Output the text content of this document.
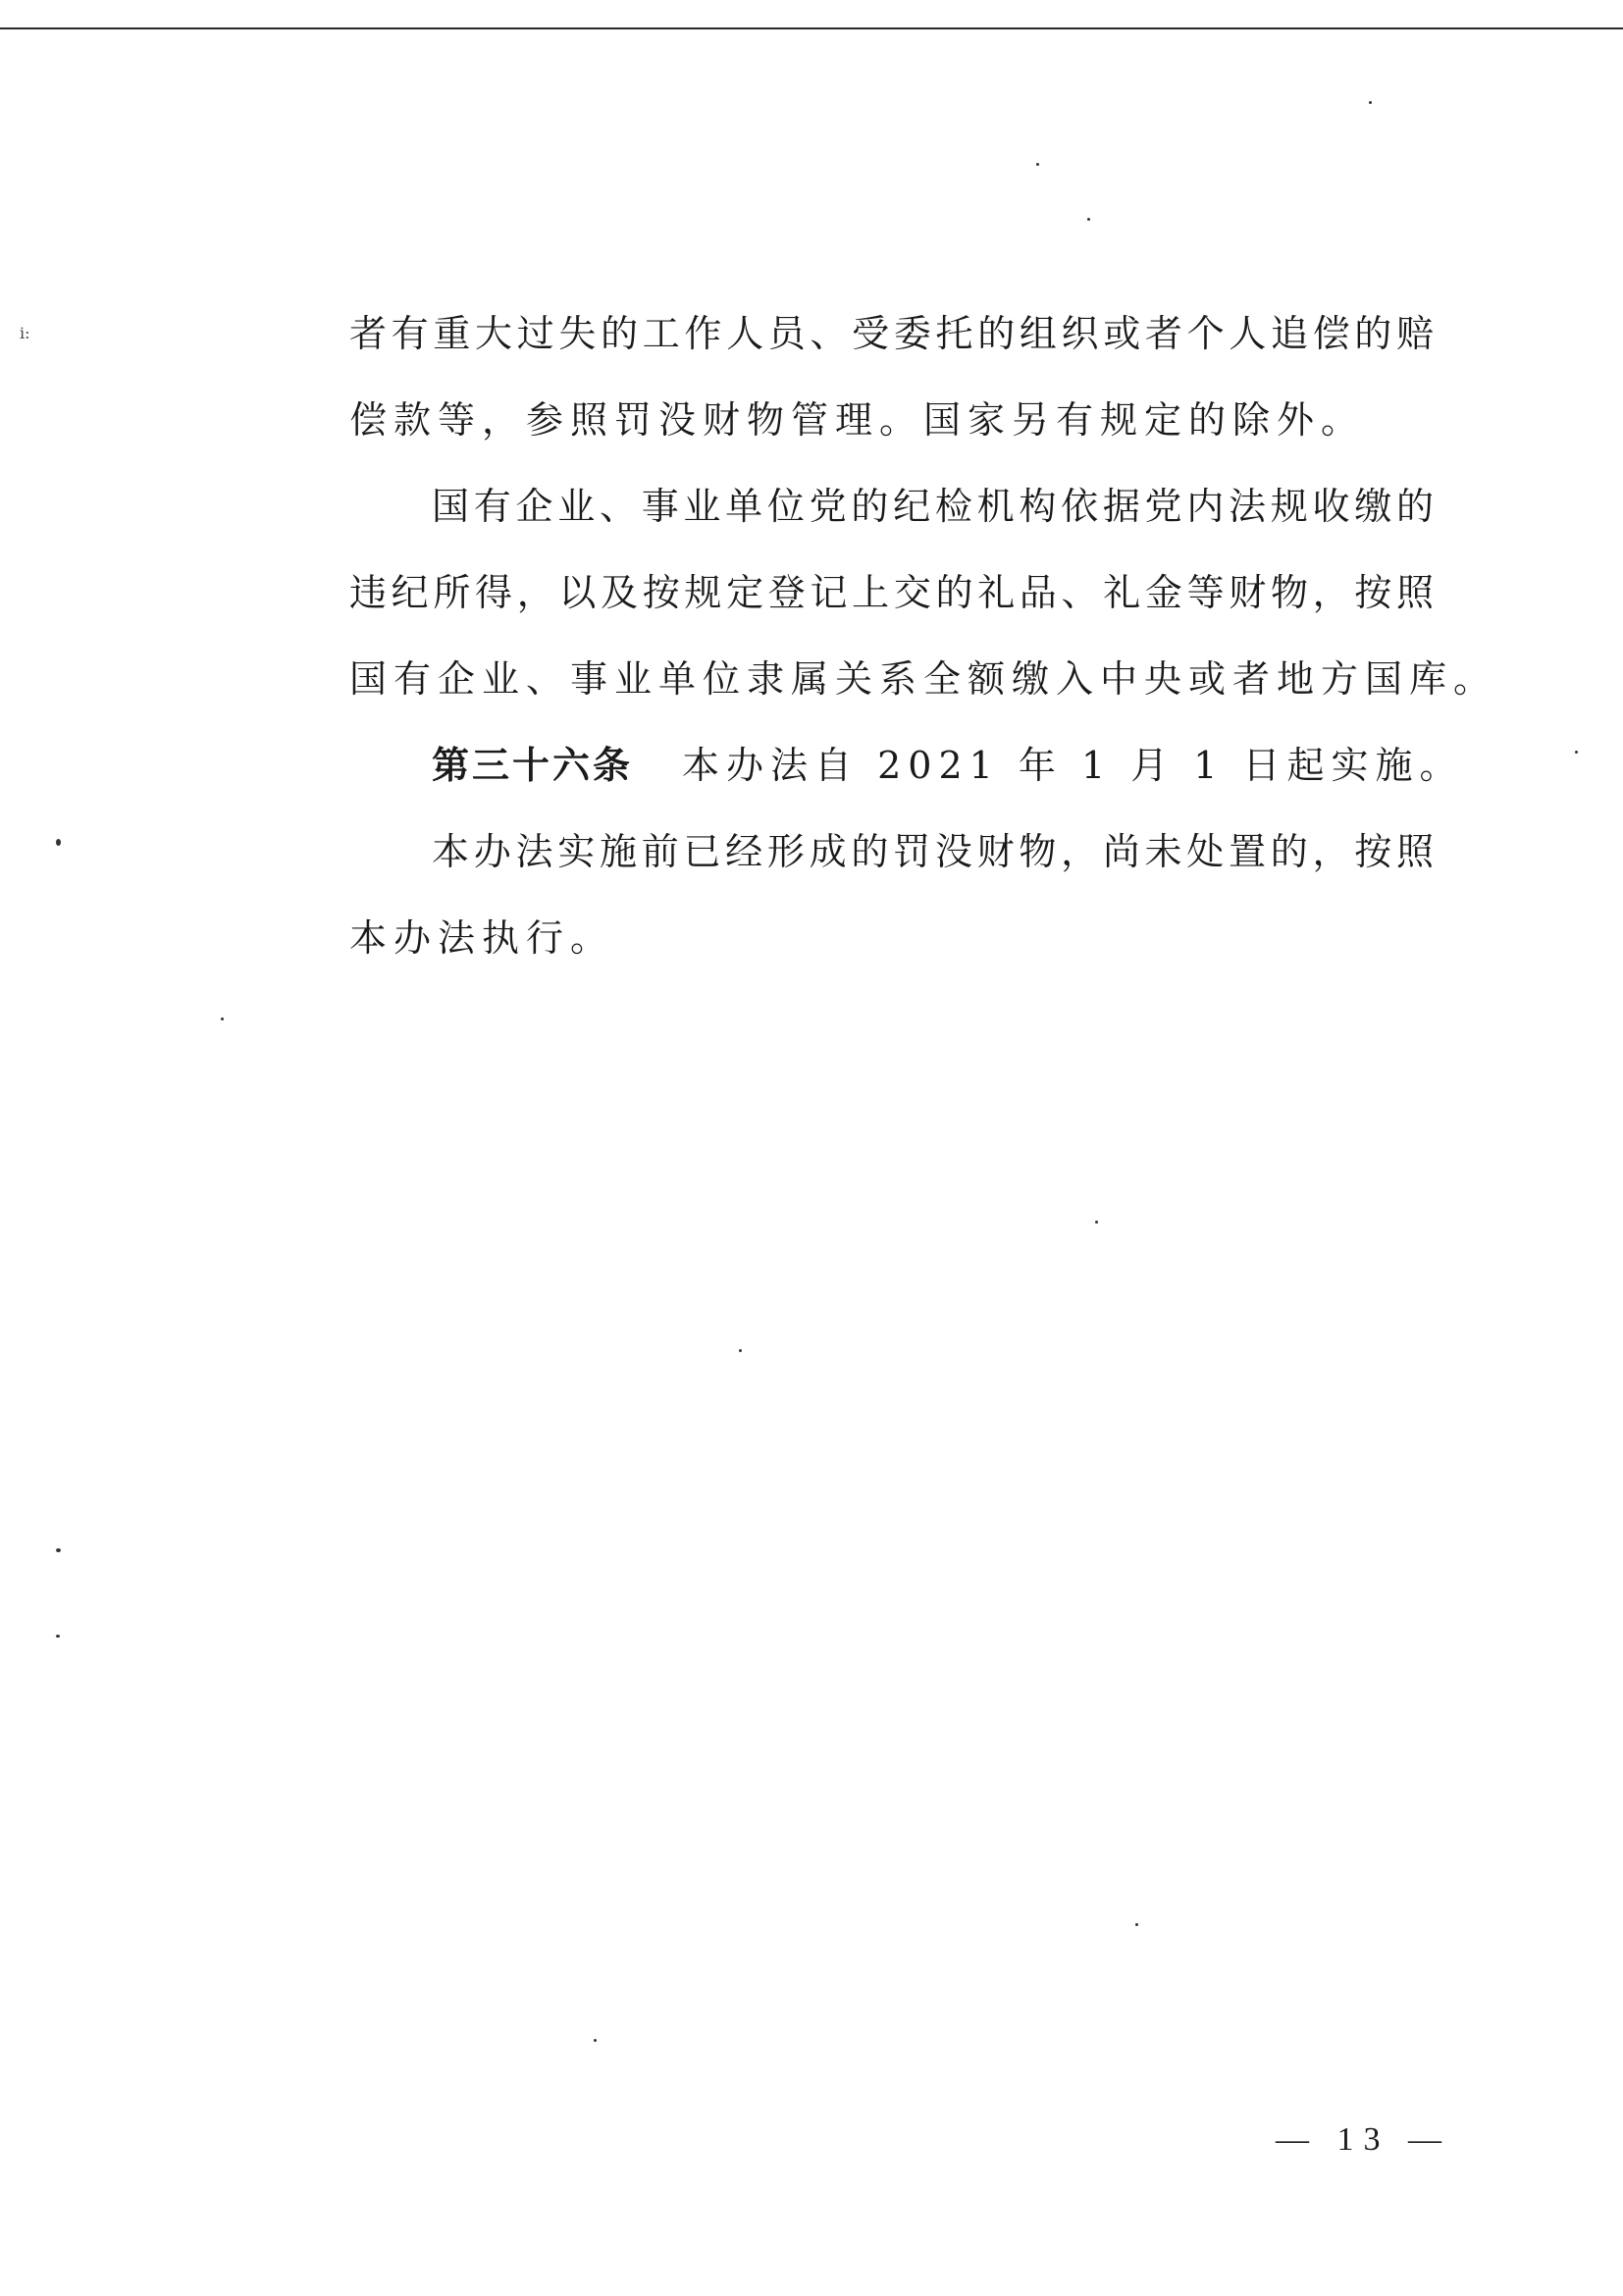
ⅰ:	者有重大过失的工作人员、受委托的组织或者个人追偿的赔
偿款等，参照罚没财物管理。国家另有规定的除外。
国有企业、事业单位党的纪检机构依据党内法规收缴的
违纪所得，以及按规定登记上交的礼品、礼金等财物，按照
国有企业、事业单位隶属关系全额缴入中央或者地方国库。
第三十六条 本办法自 2021 年 1 月 1 日起实施。
本办法实施前已经形成的罚没财物，尚未处置的，按照
本办法执行。
— 13 —
